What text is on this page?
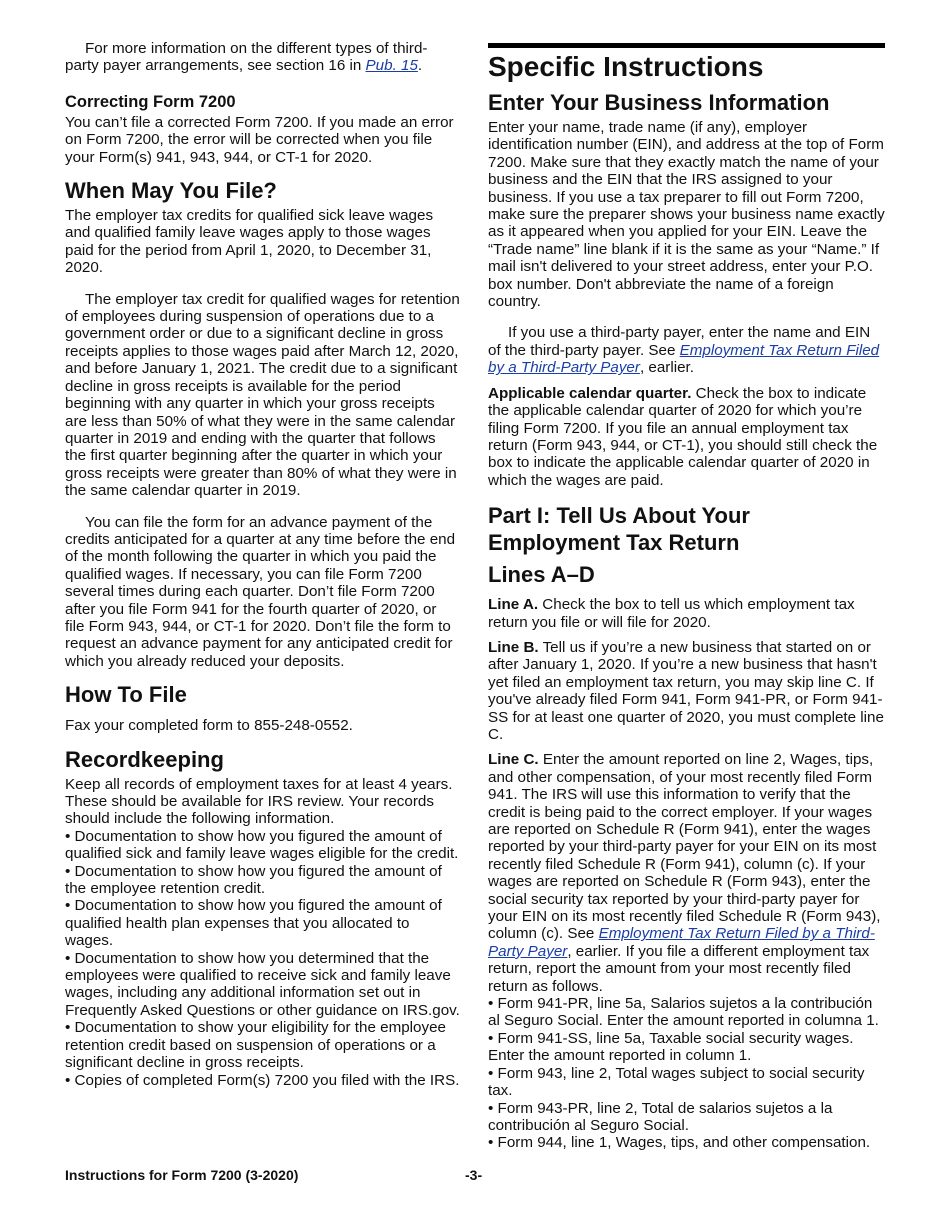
For more information on the different types of third-party payer arrangements, see section 16 in Pub. 15.

Correcting Form 7200

You can’t file a corrected Form 7200. If you made an error on Form 7200, the error will be corrected when you file your Form(s) 941, 943, 944, or CT-1 for 2020.

When May You File?

The employer tax credits for qualified sick leave wages and qualified family leave wages apply to those wages paid for the period from April 1, 2020, to December 31, 2020.

The employer tax credit for qualified wages for retention of employees during suspension of operations due to a government order or due to a significant decline in gross receipts applies to those wages paid after March 12, 2020, and before January 1, 2021. The credit due to a significant decline in gross receipts is available for the period beginning with any quarter in which your gross receipts are less than 50% of what they were in the same calendar quarter in 2019 and ending with the quarter that follows the first quarter beginning after the quarter in which your gross receipts were greater than 80% of what they were in the same calendar quarter in 2019.

You can file the form for an advance payment of the credits anticipated for a quarter at any time before the end of the month following the quarter in which you paid the qualified wages. If necessary, you can file Form 7200 several times during each quarter. Don’t file Form 7200 after you file Form 941 for the fourth quarter of 2020, or file Form 943, 944, or CT-1 for 2020. Don’t file the form to request an advance payment for any anticipated credit for which you already reduced your deposits.

How To File

Fax your completed form to 855-248-0552.

Recordkeeping

Keep all records of employment taxes for at least 4 years. These should be available for IRS review. Your records should include the following information.

• Documentation to show how you figured the amount of qualified sick and family leave wages eligible for the credit.

• Documentation to show how you figured the amount of the employee retention credit.

• Documentation to show how you figured the amount of qualified health plan expenses that you allocated to wages.

• Documentation to show how you determined that the employees were qualified to receive sick and family leave wages, including any additional information set out in Frequently Asked Questions or other guidance on IRS.gov.

• Documentation to show your eligibility for the employee retention credit based on suspension of operations or a significant decline in gross receipts.

• Copies of completed Form(s) 7200 you filed with the IRS.

Specific Instructions
Enter Your Business Information

Enter your name, trade name (if any), employer identification number (EIN), and address at the top of Form 7200. Make sure that they exactly match the name of your business and the EIN that the IRS assigned to your business. If you use a tax preparer to fill out Form 7200, make sure the preparer shows your business name exactly as it appeared when you applied for your EIN. Leave the “Trade name” line blank if it is the same as your “Name.” If mail isn't delivered to your street address, enter your P.O. box number. Don't abbreviate the name of a foreign country.

If you use a third-party payer, enter the name and EIN of the third-party payer. See Employment Tax Return Filed by a Third-Party Payer, earlier.

Applicable calendar quarter. Check the box to indicate the applicable calendar quarter of 2020 for which you’re filing Form 7200. If you file an annual employment tax return (Form 943, 944, or CT-1), you should still check the box to indicate the applicable calendar quarter of 2020 in which the wages are paid.

Part I: Tell Us About Your
Employment Tax Return
Lines A–D

Line A. Check the box to tell us which employment tax return you file or will file for 2020.

Line B. Tell us if you’re a new business that started on or after January 1, 2020. If you’re a new business that hasn't yet filed an employment tax return, you may skip line C. If you've already filed Form 941, Form 941-PR, or Form 941-SS for at least one quarter of 2020, you must complete line C.

Line C. Enter the amount reported on line 2, Wages, tips, and other compensation, of your most recently filed Form 941. The IRS will use this information to verify that the credit is being paid to the correct employer. If your wages are reported on Schedule R (Form 941), enter the wages reported by your third-party payer for your EIN on its most recently filed Schedule R (Form 941), column (c). If your wages are reported on Schedule R (Form 943), enter the social security tax reported by your third-party payer for your EIN on its most recently filed Schedule R (Form 943), column (c). See Employment Tax Return Filed by a Third-Party Payer, earlier. If you file a different employment tax return, report the amount from your most recently filed return as follows.

• Form 941-PR, line 5a, Salarios sujetos a la contribución al Seguro Social. Enter the amount reported in columna 1.

• Form 941-SS, line 5a, Taxable social security wages. Enter the amount reported in column 1.

• Form 943, line 2, Total wages subject to social security tax.

• Form 943-PR, line 2, Total de salarios sujetos a la contribución al Seguro Social.

• Form 944, line 1, Wages, tips, and other compensation.

Instructions for Form 7200 (3-2020)	-3-
